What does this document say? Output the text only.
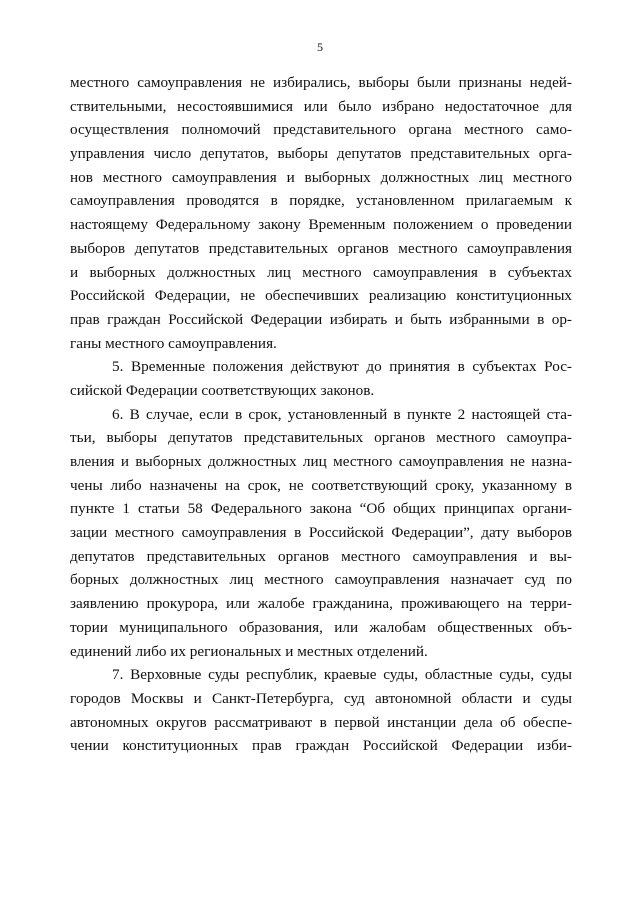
5
местного самоуправления не избирались, выборы были признаны недей-
ствительными, несостоявшимися или было избрано недостаточное для
осуществления полномочий представительного органа местного само-
управления число депутатов, выборы депутатов представительных орга-
нов местного самоуправления и выборных должностных лиц местного
самоуправления проводятся в порядке, установленном прилагаемым к
настоящему Федеральному закону Временным положением о проведении
выборов депутатов представительных органов местного самоуправления
и выборных должностных лиц местного самоуправления в субъектах
Российской Федерации, не обеспечивших реализацию конституционных
прав граждан Российской Федерации избирать и быть избранными в ор-
ганы местного самоуправления.
5. Временные положения действуют до принятия в субъектах Рос-
сийской Федерации соответствующих законов.
6. В случае, если в срок, установленный в пункте 2 настоящей ста-
тьи, выборы депутатов представительных органов местного самоупра-
вления и выборных должностных лиц местного самоуправления не назна-
чены либо назначены на срок, не соответствующий сроку, указанному в
пункте 1 статьи 58 Федерального закона “Об общих принципах органи-
зации местного самоуправления в Российской Федерации”, дату выборов
депутатов представительных органов местного самоуправления и вы-
борных должностных лиц местного самоуправления назначает суд по
заявлению прокурора, или жалобе гражданина, проживающего на терри-
тории муниципального образования, или жалобам общественных объ-
единений либо их региональных и местных отделений.
7. Верховные суды республик, краевые суды, областные суды, суды
городов Москвы и Санкт-Петербурга, суд автономной области и суды
автономных округов рассматривают в первой инстанции дела об обеспе-
чении конституционных прав граждан Российской Федерации изби-
